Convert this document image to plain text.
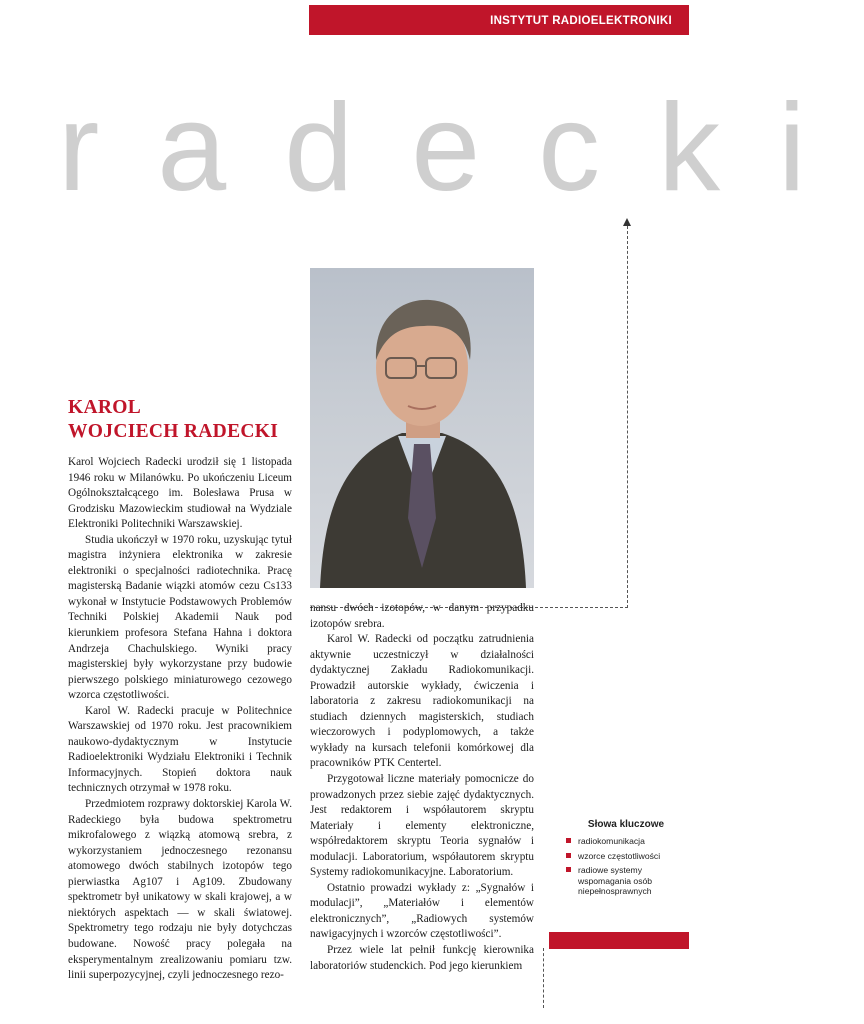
INSTYTUT RADIOELEKTRONIKI
radecki
KAROL
WOJCIECH RADECKI

Karol Wojciech Radecki urodził się 1 listopada 1946 roku w Milanówku. Po ukończeniu Liceum Ogólnokształcącego im. Bolesława Prusa w Grodzisku Mazowieckim studiował na Wydziale Elektroniki Politechniki Warszawskiej.

Studia ukończył w 1970 roku, uzyskując tytuł magistra inżyniera elektronika w zakresie elektroniki o specjalności radiotechnika. Pracę magisterską Badanie wiązki atomów cezu Cs133 wykonał w Instytucie Podstawowych Problemów Techniki Polskiej Akademii Nauk pod kierunkiem profesora Stefana Hahna i doktora Andrzeja Chachulskiego. Wyniki pracy magisterskiej były wykorzystane przy budowie pierwszego polskiego miniaturowego cezowego wzorca częstotliwości.

Karol W. Radecki pracuje w Politechnice Warszawskiej od 1970 roku. Jest pracownikiem naukowo-dydaktycznym w Instytucie Radioelektroniki Wydziału Elektroniki i Technik Informacyjnych. Stopień doktora nauk technicznych otrzymał w 1978 roku.

Przedmiotem rozprawy doktorskiej Karola W. Radeckiego była budowa spektrometru mikrofalowego z wiązką atomową srebra, z wykorzystaniem jednoczesnego rezonansu atomowego dwóch stabilnych izotopów tego pierwiastka Ag107 i Ag109. Zbudowany spektrometr był unikatowy w skali krajowej, a w niektórych aspektach — w skali światowej. Spektrometry tego rodzaju nie były dotychczas budowane. Nowość pracy polegała na eksperymentalnym zrealizowaniu pomiaru tzw. linii superpozycyjnej, czyli jednoczesnego rezo-

nansu dwóch izotopów, w danym przypadku izotopów srebra.

Karol W. Radecki od początku zatrudnienia aktywnie uczestniczył w działalności dydaktycznej Zakładu Radiokomunikacji. Prowadził autorskie wykłady, ćwiczenia i laboratoria z zakresu radiokomunikacji na studiach dziennych magisterskich, studiach wieczorowych i podyplomowych, a także wykłady na kursach telefonii komórkowej dla pracowników PTK Centertel.

Przygotował liczne materiały pomocnicze do prowadzonych przez siebie zajęć dydaktycznych. Jest redaktorem i współautorem skryptu Materiały i elementy elektroniczne, współredaktorem skryptu Teoria sygnałów i modulacji. Laboratorium, współautorem skryptu Systemy radiokomunikacyjne. Laboratorium.

Ostatnio prowadzi wykłady z: „Sygnałów i modulacji”, „Materiałów i elementów elektronicznych”, „Radiowych systemów nawigacyjnych i wzorców częstotliwości”.

Przez wiele lat pełnił funkcję kierownika laboratoriów studenckich. Pod jego kierunkiem

Słowa kluczowe
radiokomunikacja
wzorce częstotliwości
radiowe systemy wspomagania osób niepełnosprawnych
